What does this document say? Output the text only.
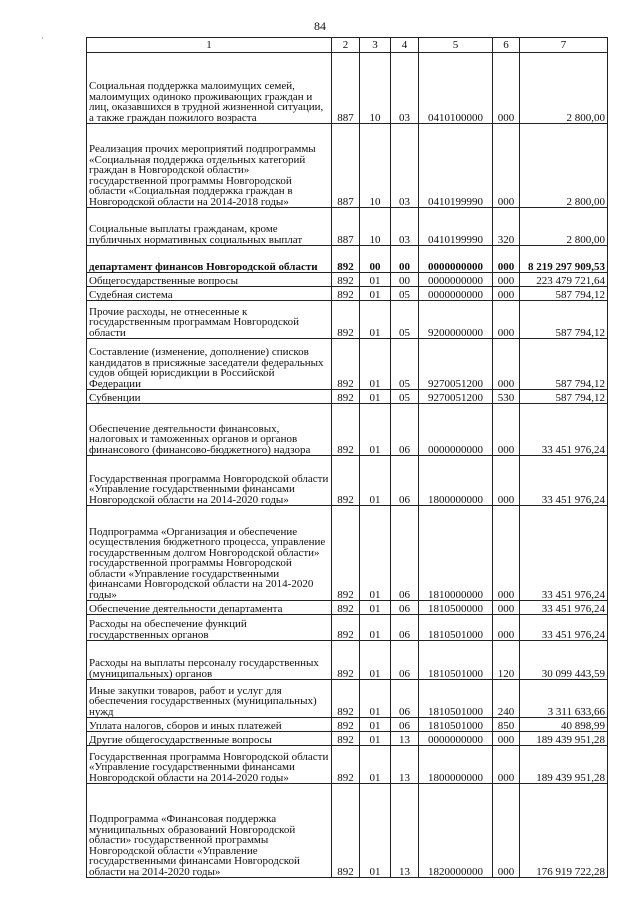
84
·
1	2	3	4	5	6	7
Социальная поддержка малоимущих семей, малоимущих одиноко проживающих граждан и лиц, оказавшихся в трудной жизненной ситуации, а также граждан пожилого возраста	887	10	03	0410100000	000	2 800,00
Реализация прочих мероприятий подпрограммы «Социальная поддержка отдельных категорий граждан в Новгородской области» государственной программы Новгородской области «Социальная поддержка граждан в Новгородской области на 2014-2018 годы»	887	10	03	0410199990	000	2 800,00
Социальные выплаты гражданам, кроме публичных нормативных социальных выплат	887	10	03	0410199990	320	2 800,00
департамент финансов Новгородской области	892	00	00	0000000000	000	8 219 297 909,53
Общегосударственные вопросы	892	01	00	0000000000	000	223 479 721,64
Судебная система	892	01	05	0000000000	000	587 794,12
Прочие расходы, не отнесенные к государственным программам Новгородской области	892	01	05	9200000000	000	587 794,12
Составление (изменение, дополнение) списков кандидатов в присяжные заседатели федеральных судов общей юрисдикции в Российской Федерации	892	01	05	9270051200	000	587 794,12
Субвенции	892	01	05	9270051200	530	587 794,12
Обеспечение деятельности финансовых, налоговых и таможенных органов и органов финансового (финансово-бюджетного) надзора	892	01	06	0000000000	000	33 451 976,24
Государственная программа Новгородской области «Управление государственными финансами Новгородской области на 2014-2020 годы»	892	01	06	1800000000	000	33 451 976,24
Подпрограмма «Организация и обеспечение осуществления бюджетного процесса, управление государственным долгом Новгородской области» государственной программы Новгородской области «Управление государственными финансами Новгородской области на 2014-2020 годы»	892	01	06	1810000000	000	33 451 976,24
Обеспечение деятельности департамента	892	01	06	1810500000	000	33 451 976,24
Расходы на обеспечение функций государственных органов	892	01	06	1810501000	000	33 451 976,24
Расходы на выплаты персоналу государственных (муниципальных) органов	892	01	06	1810501000	120	30 099 443,59
Иные закупки товаров, работ и услуг для обеспечения государственных (муниципальных) нужд	892	01	06	1810501000	240	3 311 633,66
Уплата налогов, сборов и иных платежей	892	01	06	1810501000	850	40 898,99
Другие общегосударственные вопросы	892	01	13	0000000000	000	189 439 951,28
Государственная программа Новгородской области «Управление государственными финансами Новгородской области на 2014-2020 годы»	892	01	13	1800000000	000	189 439 951,28
Подпрограмма «Финансовая поддержка муниципальных образований Новгородской области» государственной программы Новгородской области «Управление государственными финансами Новгородской области на 2014-2020 годы»	892	01	13	1820000000	000	176 919 722,28
